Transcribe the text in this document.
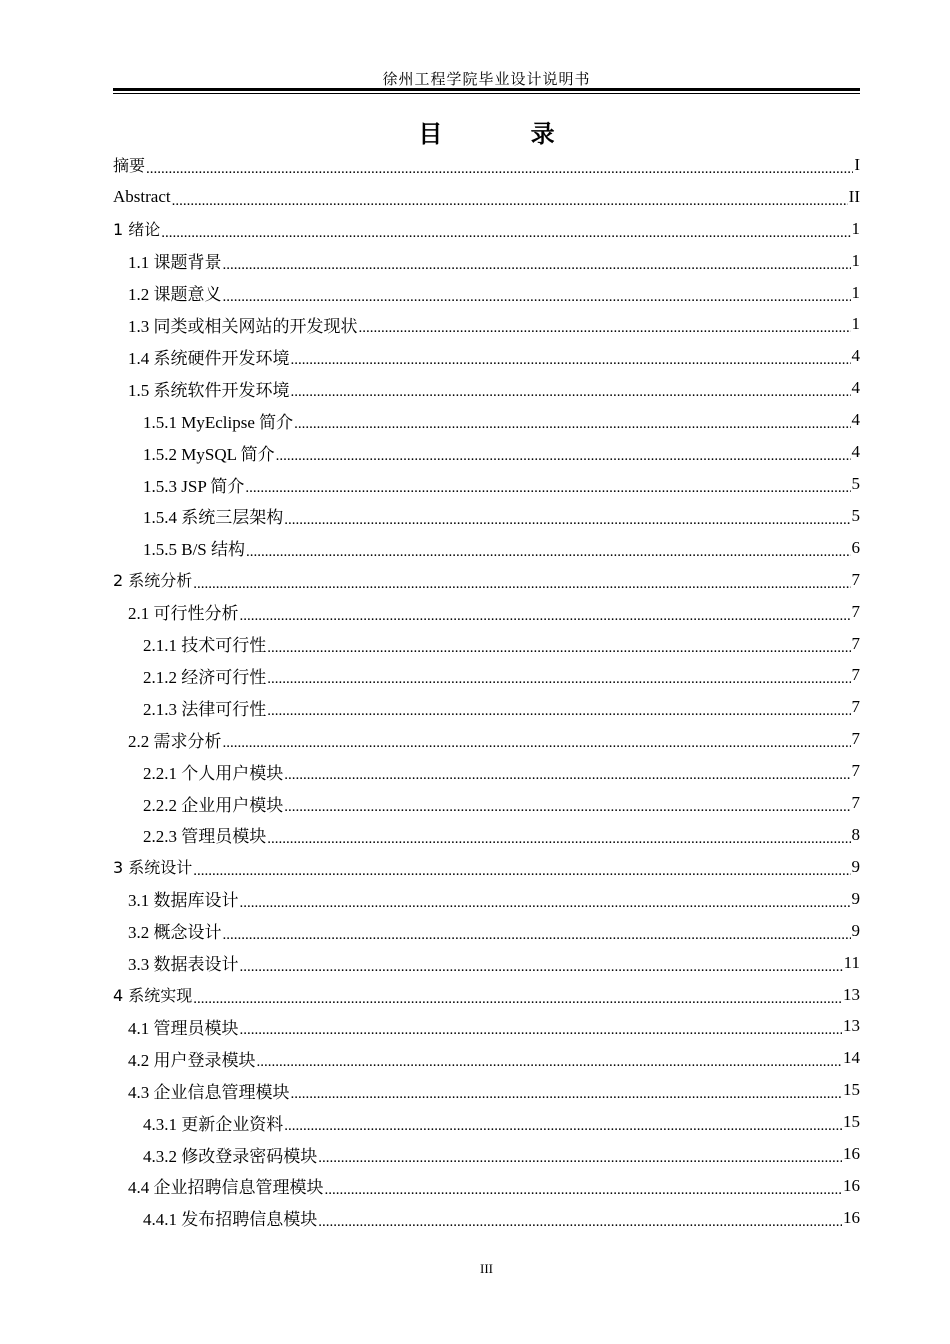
徐州工程学院毕业设计说明书
目 录
摘要 .....	I
Abstract .....	II
1 绪论 .....	1
1.1 课题背景 .....	1
1.2 课题意义 .....	1
1.3 同类或相关网站的开发现状 .....	1
1.4 系统硬件开发环境 .....	4
1.5 系统软件开发环境 .....	4
1.5.1 MyEclipse 简介 .....	4
1.5.2 MySQL 简介 .....	4
1.5.3 JSP 简介 .....	5
1.5.4 系统三层架构 .....	5
1.5.5 B/S 结构 .....	6
2 系统分析 .....	7
2.1 可行性分析 .....	7
2.1.1 技术可行性 .....	7
2.1.2 经济可行性 .....	7
2.1.3 法律可行性 .....	7
2.2 需求分析 .....	7
2.2.1 个人用户模块 .....	7
2.2.2 企业用户模块 .....	7
2.2.3 管理员模块 .....	8
3 系统设计 .....	9
3.1 数据库设计 .....	9
3.2 概念设计 .....	9
3.3 数据表设计 .....	11
4 系统实现 .....	13
4.1 管理员模块 .....	13
4.2 用户登录模块 .....	14
4.3 企业信息管理模块 .....	15
4.3.1 更新企业资料 .....	15
4.3.2 修改登录密码模块 .....	16
4.4 企业招聘信息管理模块 .....	16
4.4.1 发布招聘信息模块 .....	16
III
